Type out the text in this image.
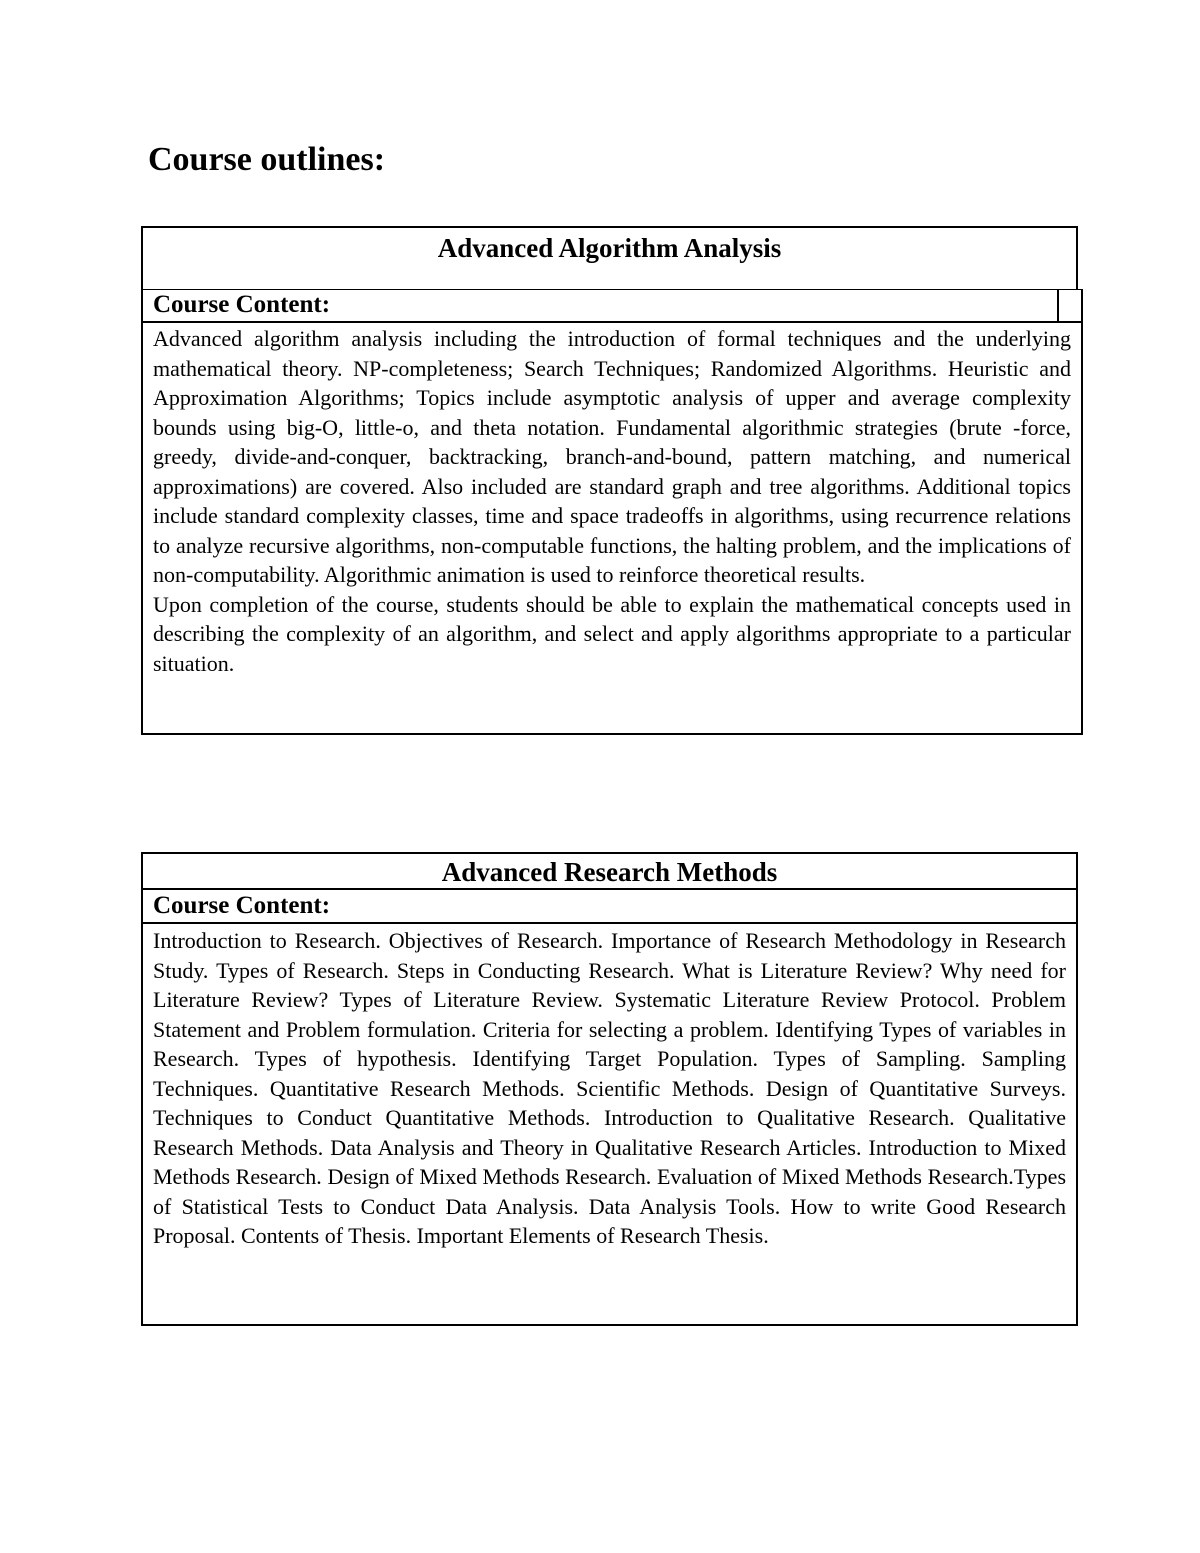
Course outlines:
Advanced Algorithm Analysis
Course Content:

Advanced algorithm analysis including the introduction of formal techniques and the underlying mathematical theory. NP-completeness; Search Techniques; Randomized Algorithms. Heuristic and Approximation Algorithms; Topics include asymptotic analysis of upper and average complexity bounds using big-O, little-o, and theta notation. Fundamental algorithmic strategies (brute -force, greedy, divide-and-conquer, backtracking, branch-and-bound, pattern matching, and numerical approximations) are covered. Also included are standard graph and tree algorithms. Additional topics include standard complexity classes, time and space tradeoffs in algorithms, using recurrence relations to analyze recursive algorithms, non-computable functions, the halting problem, and the implications of non-computability. Algorithmic animation is used to reinforce theoretical results.

Upon completion of the course, students should be able to explain the mathematical concepts used in describing the complexity of an algorithm, and select and apply algorithms appropriate to a particular situation.

Advanced Research Methods
Course Content:

Introduction to Research. Objectives of Research. Importance of Research Methodology in Research Study. Types of Research. Steps in Conducting Research. What is Literature Review? Why need for Literature Review? Types of Literature Review. Systematic Literature Review Protocol. Problem Statement and Problem formulation. Criteria for selecting a problem. Identifying Types of variables in Research. Types of hypothesis. Identifying Target Population. Types of Sampling. Sampling Techniques. Quantitative Research Methods. Scientific Methods. Design of Quantitative Surveys. Techniques to Conduct Quantitative Methods. Introduction to Qualitative Research. Qualitative Research Methods. Data Analysis and Theory in Qualitative Research Articles. Introduction to Mixed Methods Research. Design of Mixed Methods Research. Evaluation of Mixed Methods Research.Types of Statistical Tests to Conduct Data Analysis. Data Analysis Tools. How to write Good Research Proposal. Contents of Thesis. Important Elements of Research Thesis.
